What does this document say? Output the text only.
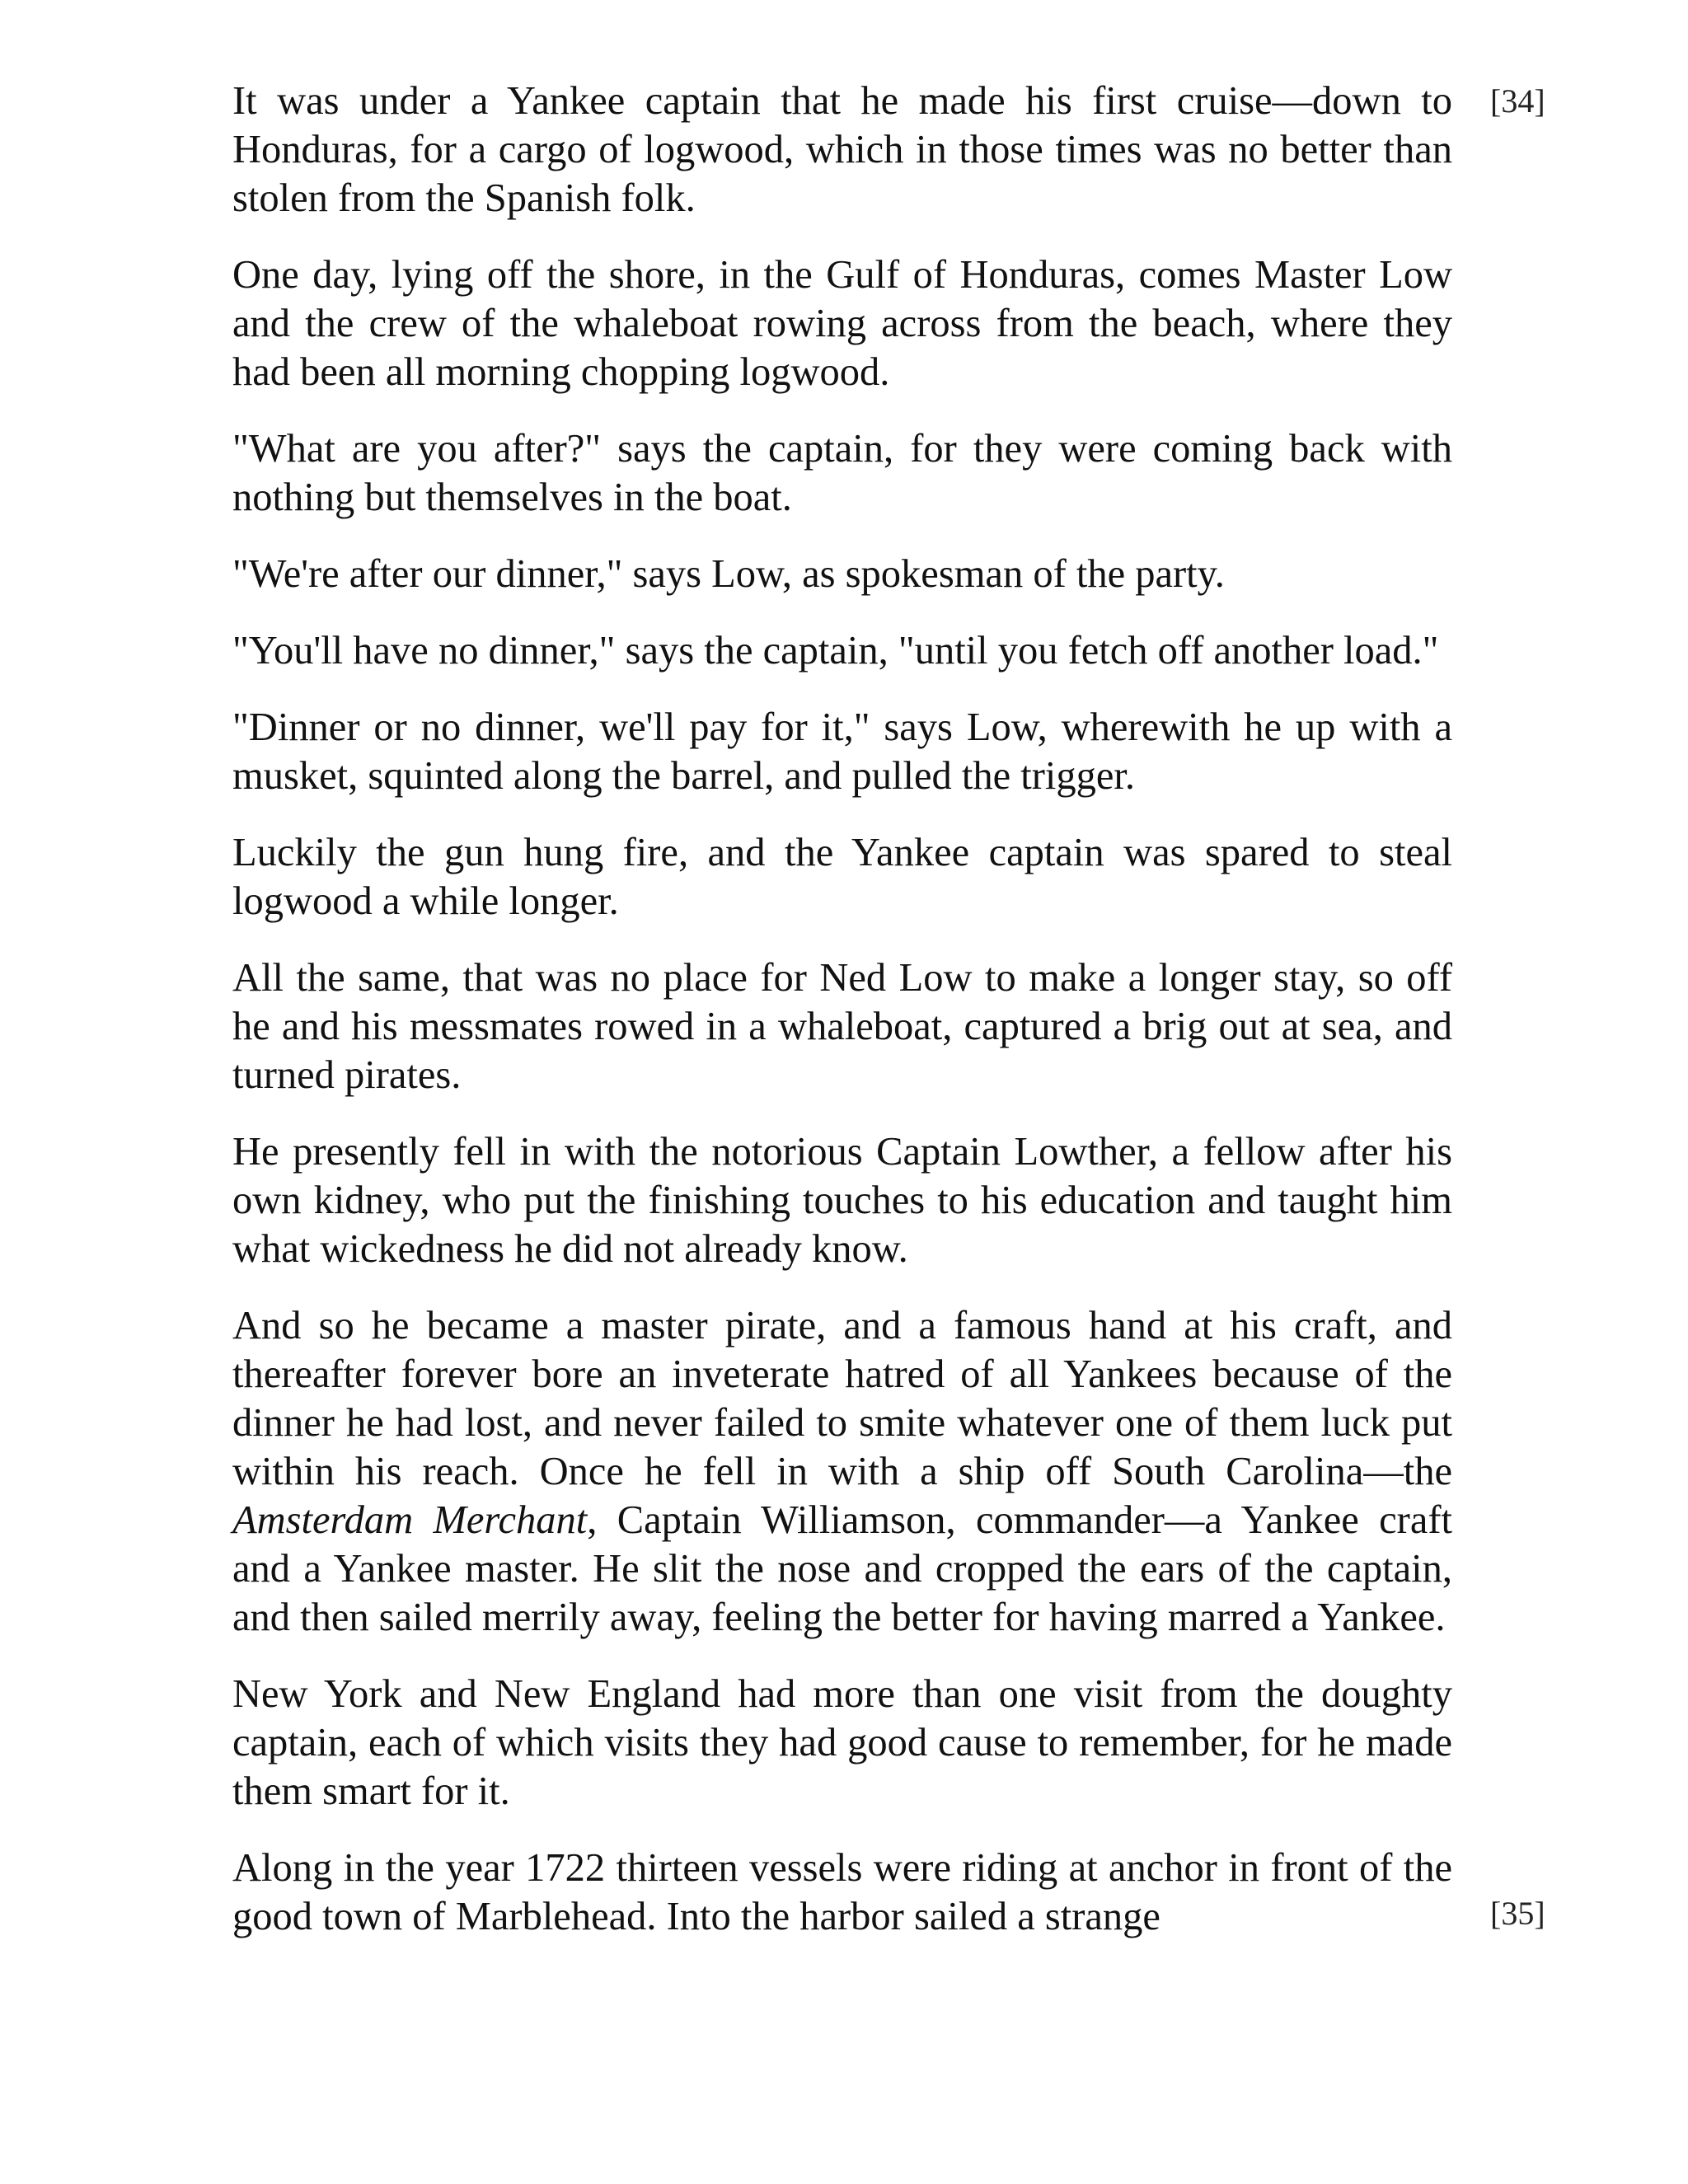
It was under a Yankee captain that he made his first cruise—down to Honduras, for a cargo of logwood, which in those times was no better than stolen from the Spanish folk.

One day, lying off the shore, in the Gulf of Honduras, comes Master Low and the crew of the whaleboat rowing across from the beach, where they had been all morning chopping logwood.

"What are you after?" says the captain, for they were coming back with nothing but themselves in the boat.

"We're after our dinner," says Low, as spokesman of the party.

"You'll have no dinner," says the captain, "until you fetch off another load."

"Dinner or no dinner, we'll pay for it," says Low, wherewith he up with a musket, squinted along the barrel, and pulled the trigger.

Luckily the gun hung fire, and the Yankee captain was spared to steal logwood a while longer.

All the same, that was no place for Ned Low to make a longer stay, so off he and his messmates rowed in a whaleboat, captured a brig out at sea, and turned pirates.

He presently fell in with the notorious Captain Lowther, a fellow after his own kidney, who put the finishing touches to his education and taught him what wickedness he did not already know.

And so he became a master pirate, and a famous hand at his craft, and thereafter forever bore an inveterate hatred of all Yankees because of the dinner he had lost, and never failed to smite whatever one of them luck put within his reach. Once he fell in with a ship off South Carolina—the Amsterdam Merchant, Captain Williamson, commander—a Yankee craft and a Yankee master. He slit the nose and cropped the ears of the captain, and then sailed merrily away, feeling the better for having marred a Yankee.

New York and New England had more than one visit from the doughty captain, each of which visits they had good cause to remember, for he made them smart for it.

Along in the year 1722 thirteen vessels were riding at anchor in front of the good town of Marblehead. Into the harbor sailed a strange

[34]
[35]
